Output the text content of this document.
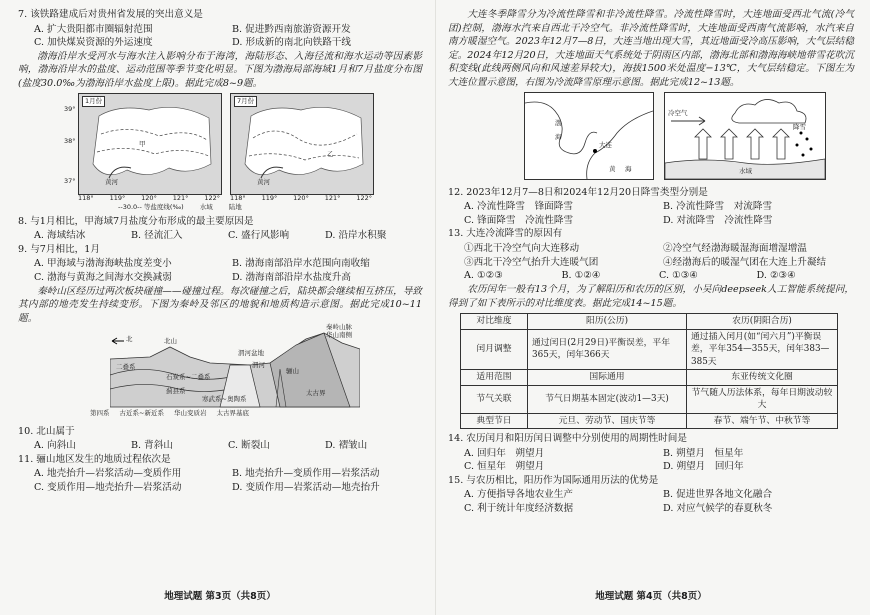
7. 该铁路建成后对贵州省发展的突出意义是

A. 扩大贵阳都市圈辐射范围	B. 促进黔西南旅游资源开发
C. 加快煤炭资源的外运速度	D. 形成新的南北向铁路干线

渤海沿岸水受河水与海水注入影响分布于海湾，海陆形态、入海径流和海水运动等因素影响，渤海沿岸水的盐度、运动范围等季节变化明显。下图为渤海局部海域1月和7月盐度分布图(盐度30.0‰为渤海沿岸水盐度上限)。据此完成8~9题。

1月份
黄河
甲
7月份
黄河
乙
39°
38°
37°
118° 119° 120° 121° 122° 118° 119° 120° 121° 122°
--30.0-- 等盐度线(‰) 水域 陆地

8. 与1月相比，甲海域7月盐度分布形成的最主要原因是

A. 海域结冰	B. 径流汇入	C. 盛行风影响	D. 沿岸水积聚

9. 与7月相比，1月

A. 甲海域与渤海海峡盐度差变小	B. 渤海南部沿岸水范围向南收缩
C. 渤海与黄海之间海水交换减弱	D. 渤海南部沿岸水盐度升高

秦岭山区经历过两次板块碰撞——碰撞过程。每次碰撞之后，陆块都会继续相互挤压，导致其内部的地壳发生持续变形。下图为秦岭及邻区的地貌和地质构造示意图。据此完成10~11题。

北	北山
渭河盆地
秦岭山脉
华山南侧
骊山
渭河
二叠系
石炭系~二叠系
蓟县系
寒武系~奥陶系
太古界
第四系 古近系~新近系 华山变质岩 太古界基底

10. 北山属于

A. 向斜山	B. 背斜山	C. 断裂山	D. 褶皱山

11. 骊山地区发生的地质过程依次是

A. 地壳抬升—岩浆活动—变质作用	B. 地壳抬升—变质作用—岩浆活动
C. 变质作用—地壳抬升—岩浆活动	D. 变质作用—岩浆活动—地壳抬升
地理试题 第3页（共8页）

大连冬季降雪分为冷流性降雪和非冷流性降雪。冷流性降雪时，大连地面受西北气流(冷气团)控制，渤海水汽来自西北干冷空气。非冷流性降雪时，大连地面受西南气流影响，水汽来自南方暖湿空气。2023年12月7—8日，大连当地出现大雪，其近地面受冷高压影响，大气层结稳定。2024年12月20日，大连地面天气系统处于阴雨区内部，渤海北部和渤海海峡地带雪花吹沉积变线(此线两侧风向和风速差异较大)，海拔1500米处温度−13℃，大气层结稳定。下图左为大连位置示意图，右图为冷流降雪原理示意图。据此完成12~13题。

渤
海
大连
黄 海
冷空气
降雪
水域

12. 2023年12月7—8日和2024年12月20日降雪类型分别是

A. 冷流性降雪　锋面降雪	B. 冷流性降雪　对流降雪
C. 锋面降雪　冷流性降雪	D. 对流降雪　冷流性降雪

13. 大连冷流降雪的原因有

①西北干冷空气向大连移动	②冷空气经渤海暖湿海面增湿增温
③西北干冷空气抬升大连暖气团	④经渤海后的暖湿气团在大连上升凝结
A. ①②③	B. ①②④	C. ①③④	D. ②③④

农历闰年一般有13个月，为了解阳历和农历的区别，小吴向deepseek人工智能系统提问，得到了如下表所示的对比维度表。据此完成14~15题。

对比维度	阳历(公历)	农历(阴阳合历)
闰月调整	通过闰日(2月29日)平衡误差，平年365天，闰年366天	通过插入闰月(如“闰六月”)平衡误差，平年354—355天，闰年383—385天
适用范围	国际通用	东亚传统文化圈
节气关联	节气日期基本固定(波动1—3天)	节气随人历法体系，每年日期波动较大
典型节日	元旦、劳动节、国庆节等	春节、端午节、中秋节等

14. 农历闰月和阳历闰日调整中分别使用的周期性时间是

A. 回归年　朔望月	B. 朔望月　恒星年
C. 恒星年　朔望月	D. 朔望月　回归年

15. 与农历相比，阳历作为国际通用历法的优势是

A. 方便指导各地农业生产	B. 促进世界各地文化融合
C. 利于统计年度经济数据	D. 对应气候学的春夏秋冬
地理试题 第4页（共8页）
